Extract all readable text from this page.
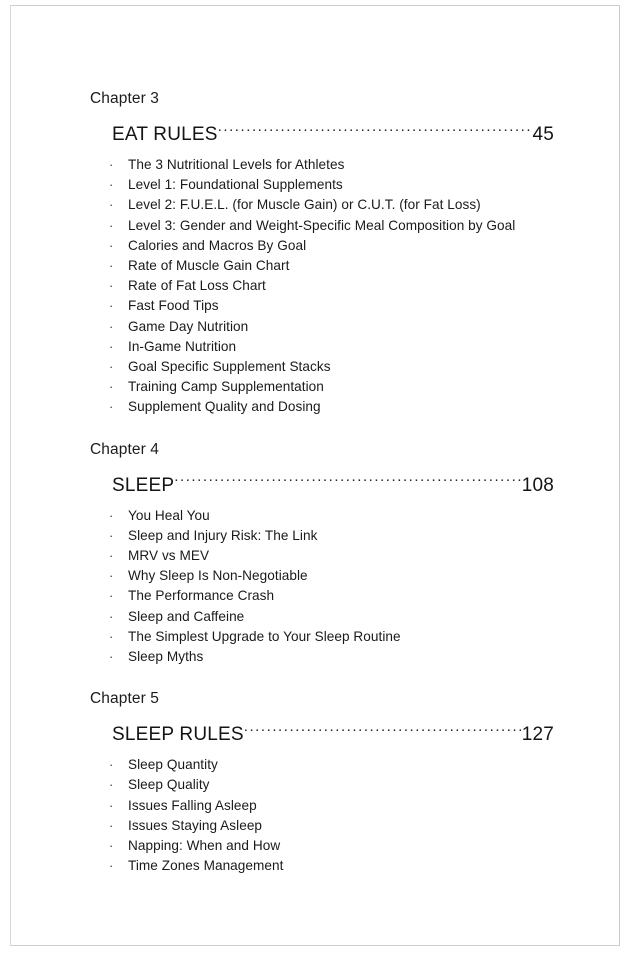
Chapter 3
EAT RULES .....	45
·	The 3 Nutritional Levels for Athletes
·	Level 1: Foundational Supplements
·	Level 2: F.U.E.L. (for Muscle Gain) or C.U.T. (for Fat Loss)
·	Level 3: Gender and Weight-Specific Meal Composition by Goal
·	Calories and Macros By Goal
·	Rate of Muscle Gain Chart
·	Rate of Fat Loss Chart
·	Fast Food Tips
·	Game Day Nutrition
·	In-Game Nutrition
·	Goal Specific Supplement Stacks
·	Training Camp Supplementation
·	Supplement Quality and Dosing
Chapter 4
SLEEP .....	108
·	You Heal You
·	Sleep and Injury Risk: The Link
·	MRV vs MEV
·	Why Sleep Is Non-Negotiable
·	The Performance Crash
·	Sleep and Caffeine
·	The Simplest Upgrade to Your Sleep Routine
·	Sleep Myths
Chapter 5
SLEEP RULES .....	127
·	Sleep Quantity
·	Sleep Quality
·	Issues Falling Asleep
·	Issues Staying Asleep
·	Napping: When and How
·	Time Zones Management
